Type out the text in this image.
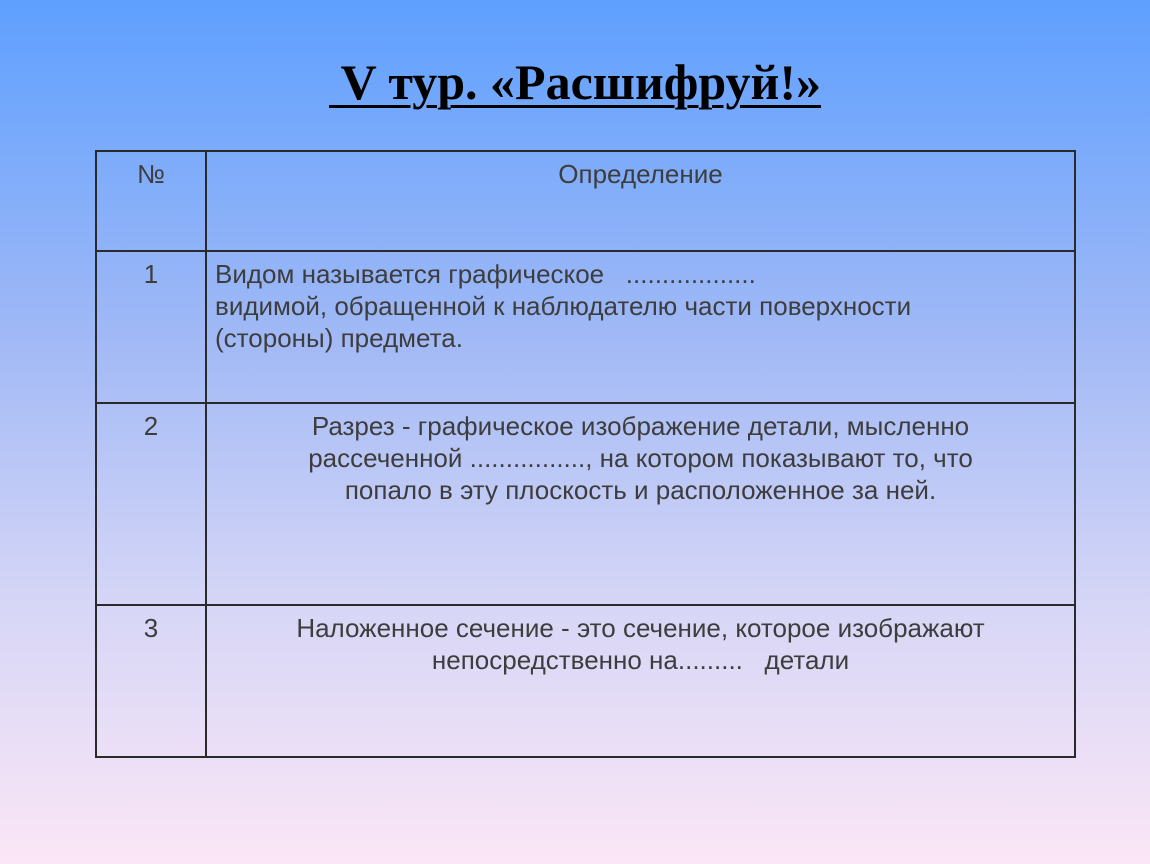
V тур. «Расшифруй!»
№	Определение
1	Видом называется графическое   ..................
видимой, обращенной к наблюдателю части поверхности
(стороны) предмета.

2	Разрез - графическое изображение детали, мысленно
рассеченной ................, на котором показывают то, что
попало в эту плоскость и расположенное за ней.

3	Наложенное сечение - это сечение, которое изображают
непосредственно на.........   детали
